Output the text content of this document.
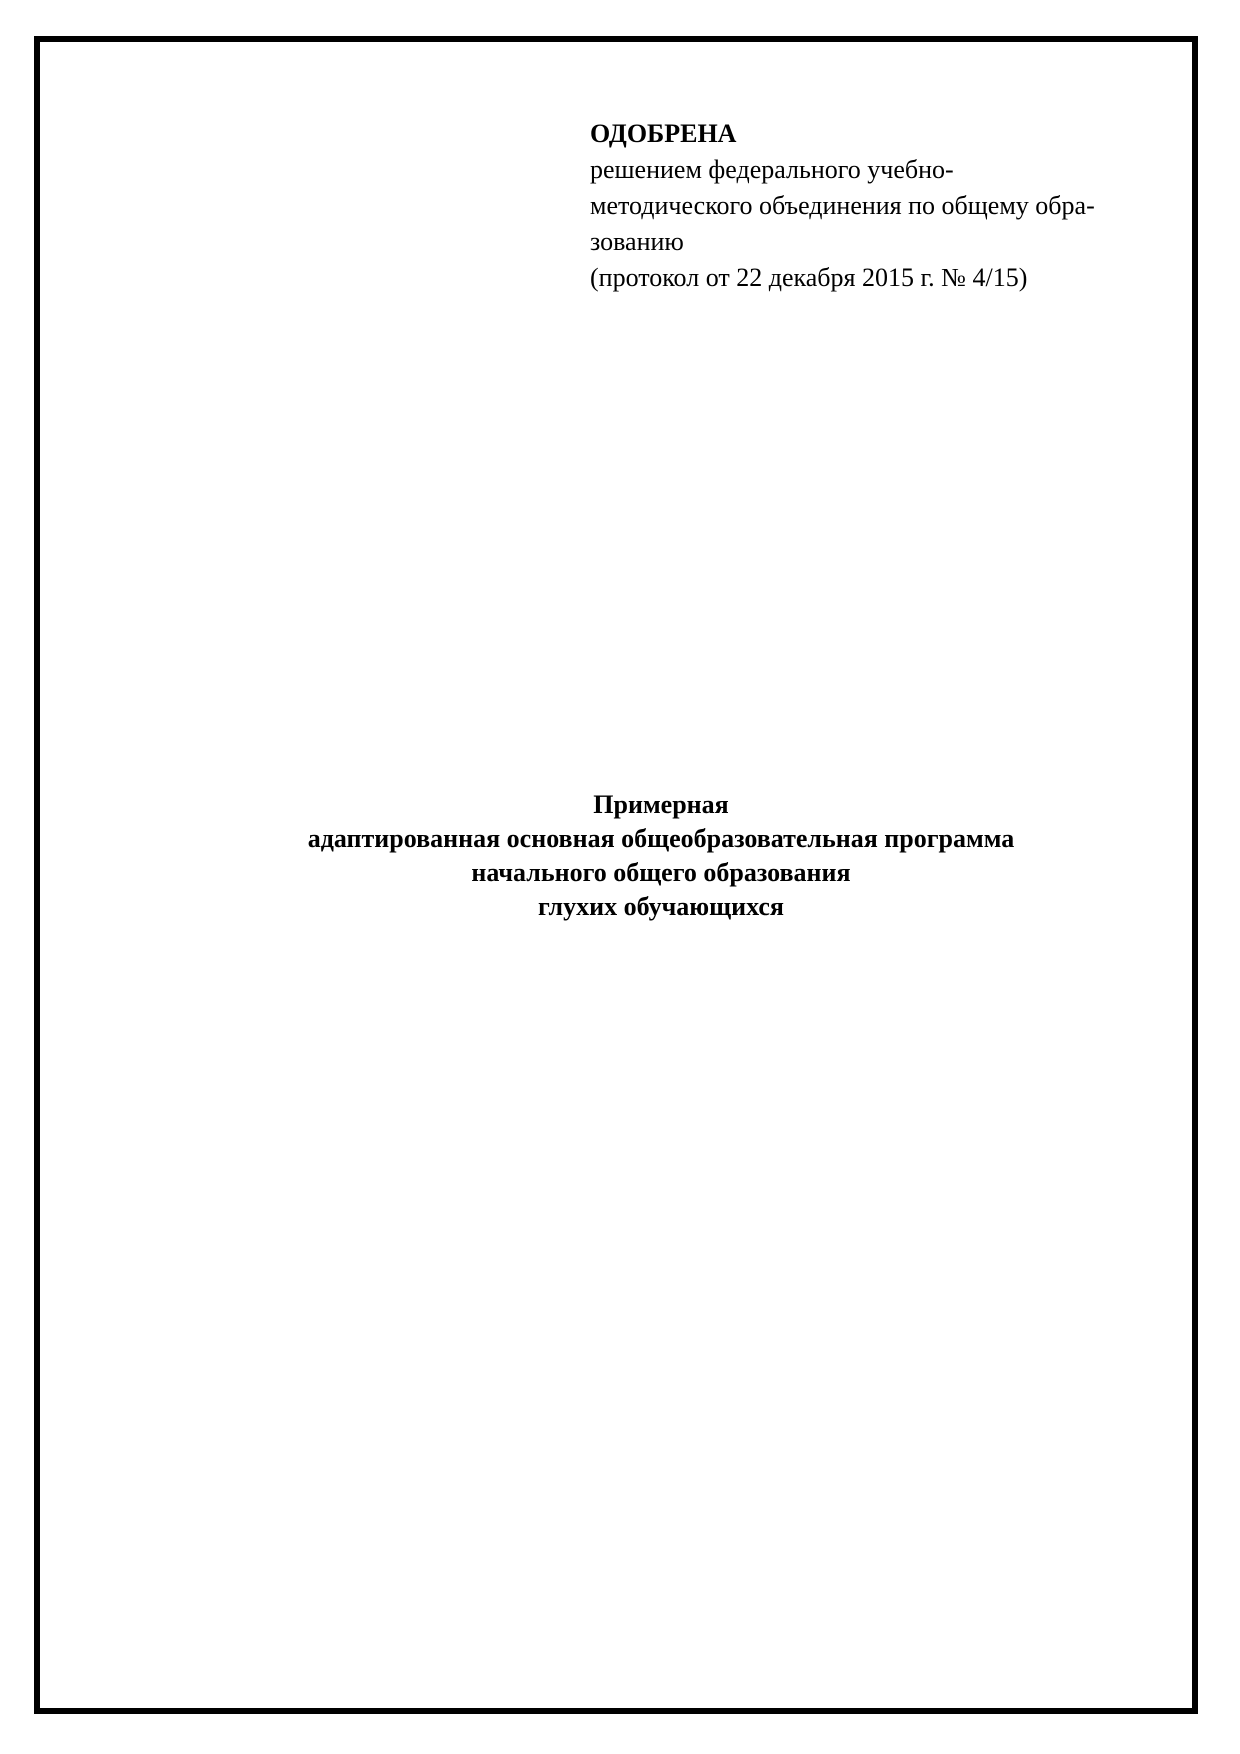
ОДОБРЕНА
решением федерального учебно-
методического объединения по общему обра-
зованию
(протокол от 22 декабря 2015 г. № 4/15)
Примерная
адаптированная основная общеобразовательная программа
начального общего образования
глухих обучающихся
